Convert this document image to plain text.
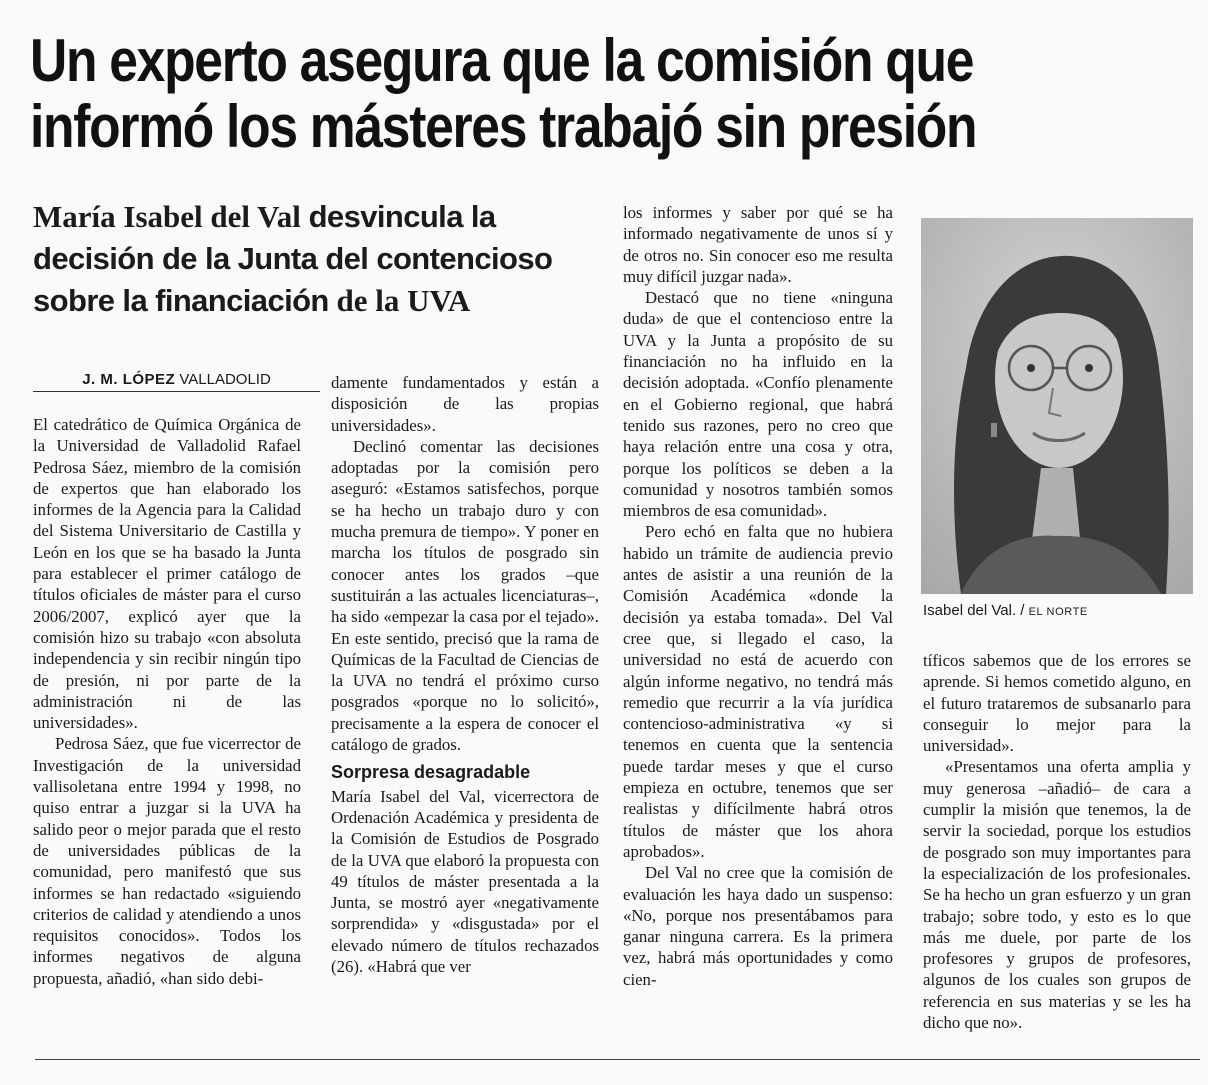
Un experto asegura que la comisión que
informó los másteres trabajó sin presión
María Isabel del Val desvincula la decisión de la Junta del contencioso sobre la financiación de la UVA
J. M. LÓPEZ VALLADOLID

El catedrático de Química Orgánica de la Universidad de Valladolid Rafael Pedrosa Sáez, miembro de la comisión de expertos que han elaborado los informes de la Agencia para la Calidad del Sistema Universitario de Castilla y León en los que se ha basado la Junta para establecer el primer catálogo de títulos oficiales de máster para el curso 2006/2007, explicó ayer que la comisión hizo su trabajo «con absoluta independencia y sin recibir ningún tipo de presión, ni por parte de la administración ni de las universidades».

Pedrosa Sáez, que fue vicerrector de Investigación de la universidad vallisoletana entre 1994 y 1998, no quiso entrar a juzgar si la UVA ha salido peor o mejor parada que el resto de universidades públicas de la comunidad, pero manifestó que sus informes se han redactado «siguiendo criterios de calidad y atendiendo a unos requisitos conocidos». Todos los informes negativos de alguna propuesta, añadió, «han sido debi-

damente fundamentados y están a disposición de las propias universidades».

Declinó comentar las decisiones adoptadas por la comisión pero aseguró: «Estamos satisfechos, porque se ha hecho un trabajo duro y con mucha premura de tiempo». Y poner en marcha los títulos de posgrado sin conocer antes los grados –que sustituirán a las actuales licenciaturas–, ha sido «empezar la casa por el tejado». En este sentido, precisó que la rama de Químicas de la Facultad de Ciencias de la UVA no tendrá el próximo curso posgrados «porque no lo solicitó», precisamente a la espera de conocer el catálogo de grados.

Sorpresa desagradable

María Isabel del Val, vicerrectora de Ordenación Académica y presidenta de la Comisión de Estudios de Posgrado de la UVA que elaboró la propuesta con 49 títulos de máster presentada a la Junta, se mostró ayer «negativamente sorprendida» y «disgustada» por el elevado número de títulos rechazados (26). «Habrá que ver

los informes y saber por qué se ha informado negativamente de unos sí y de otros no. Sin conocer eso me resulta muy difícil juzgar nada».

Destacó que no tiene «ninguna duda» de que el contencioso entre la UVA y la Junta a propósito de su financiación no ha influido en la decisión adoptada. «Confío plenamente en el Gobierno regional, que habrá tenido sus razones, pero no creo que haya relación entre una cosa y otra, porque los políticos se deben a la comunidad y nosotros también somos miembros de esa comunidad».

Pero echó en falta que no hubiera habido un trámite de audiencia previo antes de asistir a una reunión de la Comisión Académica «donde la decisión ya estaba tomada». Del Val cree que, si llegado el caso, la universidad no está de acuerdo con algún informe negativo, no tendrá más remedio que recurrir a la vía jurídica contencioso-administrativa «y si tenemos en cuenta que la sentencia puede tardar meses y que el curso empieza en octubre, tenemos que ser realistas y difícilmente habrá otros títulos de máster que los ahora aprobados».

Del Val no cree que la comisión de evaluación les haya dado un suspenso: «No, porque nos presentábamos para ganar ninguna carrera. Es la primera vez, habrá más oportunidades y como cien-

Isabel del Val. / EL NORTE

tíficos sabemos que de los errores se aprende. Si hemos cometido alguno, en el futuro trataremos de subsanarlo para conseguir lo mejor para la universidad».

«Presentamos una oferta amplia y muy generosa –añadió– de cara a cumplir la misión que tenemos, la de servir la sociedad, porque los estudios de posgrado son muy importantes para la especialización de los profesionales. Se ha hecho un gran esfuerzo y un gran trabajo; sobre todo, y esto es lo que más me duele, por parte de los profesores y grupos de profesores, algunos de los cuales son grupos de referencia en sus materias y se les ha dicho que no».
